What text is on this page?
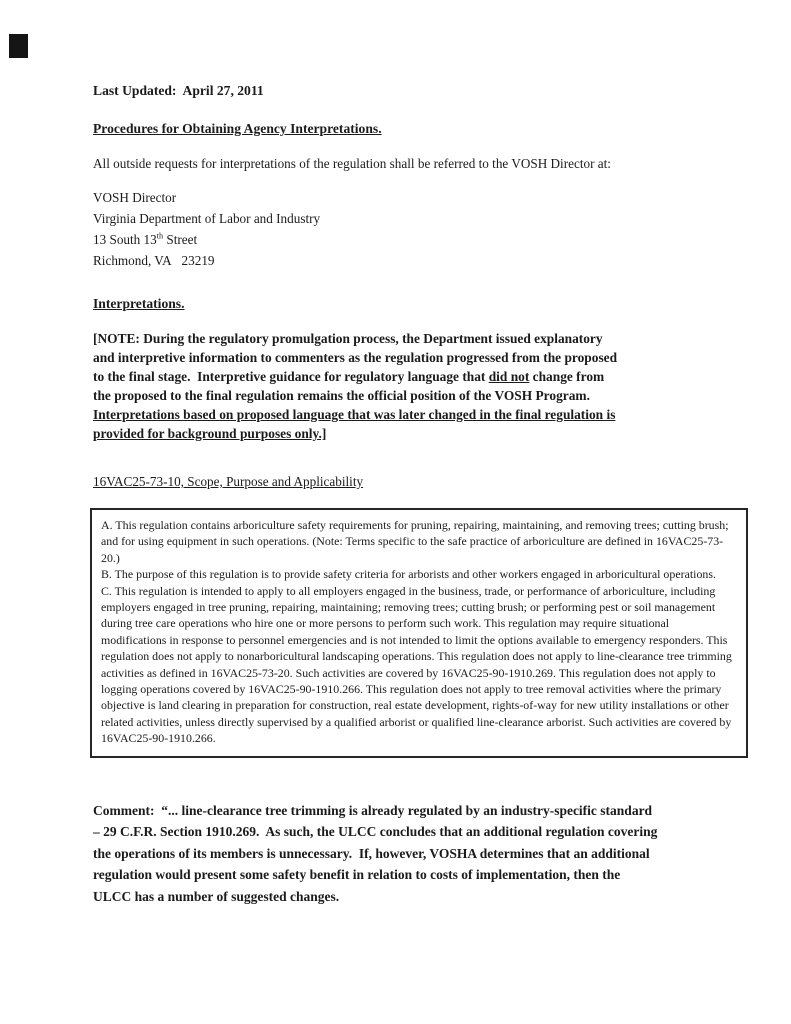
Last Updated:  April 27, 2011

Procedures for Obtaining Agency Interpretations.

All outside requests for interpretations of the regulation shall be referred to the VOSH Director at:

VOSH Director
Virginia Department of Labor and Industry
13 South 13th Street
Richmond, VA   23219

Interpretations.

[NOTE: During the regulatory promulgation process, the Department issued explanatory
and interpretive information to commenters as the regulation progressed from the proposed
to the final stage.  Interpretive guidance for regulatory language that did not change from
the proposed to the final regulation remains the official position of the VOSH Program.
Interpretations based on proposed language that was later changed in the final regulation is
provided for background purposes only.]

16VAC25-73-10, Scope, Purpose and Applicability

A. This regulation contains arboriculture safety requirements for pruning, repairing, maintaining, and removing trees; cutting brush; and for using equipment in such operations. (Note: Terms specific to the safe practice of arboriculture are defined in 16VAC25-73-20.)
B. The purpose of this regulation is to provide safety criteria for arborists and other workers engaged in arboricultural operations.
C. This regulation is intended to apply to all employers engaged in the business, trade, or performance of arboriculture, including employers engaged in tree pruning, repairing, maintaining; removing trees; cutting brush; or performing pest or soil management during tree care operations who hire one or more persons to perform such work. This regulation may require situational modifications in response to personnel emergencies and is not intended to limit the options available to emergency responders. This regulation does not apply to nonarboricultural landscaping operations. This regulation does not apply to line-clearance tree trimming activities as defined in 16VAC25-73-20. Such activities are covered by 16VAC25-90-1910.269. This regulation does not apply to logging operations covered by 16VAC25-90-1910.266. This regulation does not apply to tree removal activities where the primary objective is land clearing in preparation for construction, real estate development, rights-of-way for new utility installations or other related activities, unless directly supervised by a qualified arborist or qualified line-clearance arborist. Such activities are covered by 16VAC25-90-1910.266.

Comment:  “... line-clearance tree trimming is already regulated by an industry-specific standard
– 29 C.F.R. Section 1910.269.  As such, the ULCC concludes that an additional regulation covering
the operations of its members is unnecessary.  If, however, VOSHA determines that an additional
regulation would present some safety benefit in relation to costs of implementation, then the
ULCC has a number of suggested changes.
